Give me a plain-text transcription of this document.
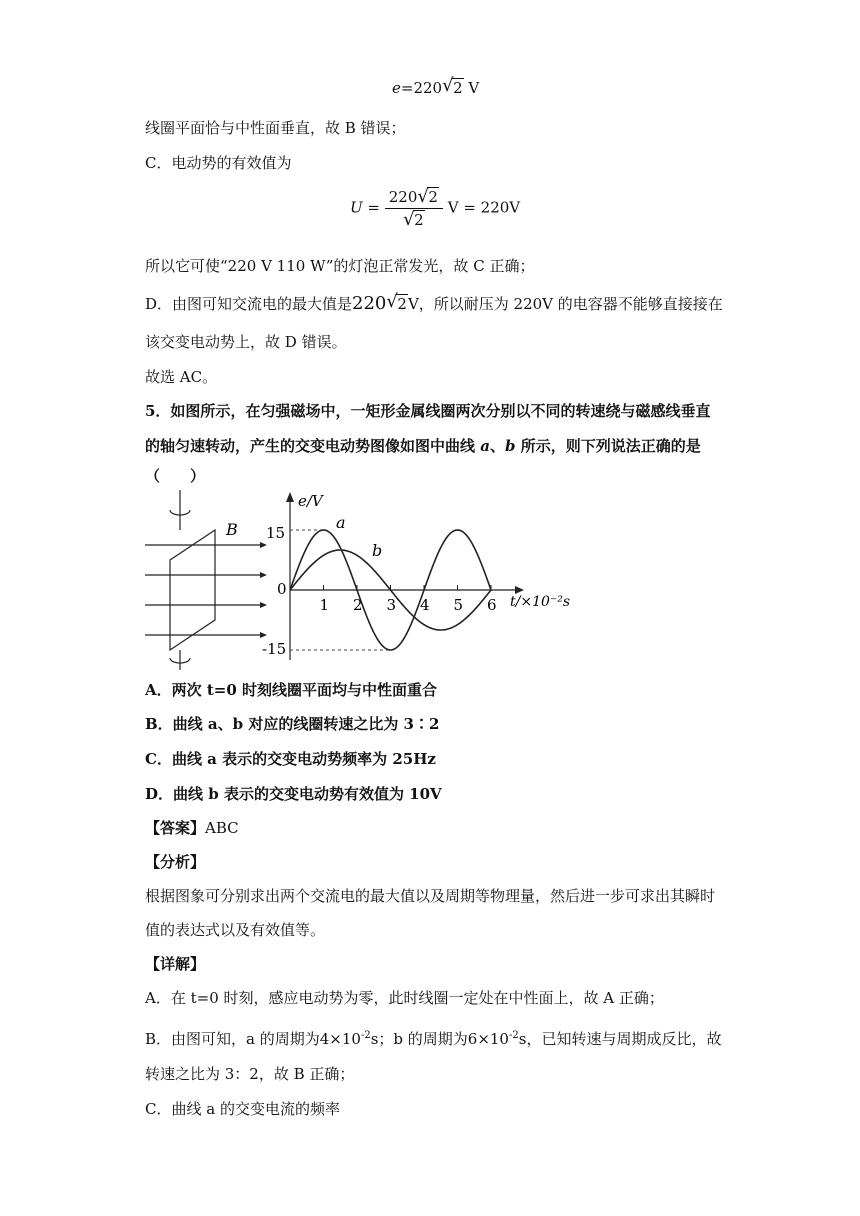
e=220 √ 2 V
线圈平面恰与中性面垂直，故 B 错误；
C．电动势的有效值为
$U = \frac{220 √ 2}{√ 2}$ V = 220V
所以它可使“220 V 110 W”的灯泡正常发光，故 C 正确；
D．由图可知交流电的最大值是220 √ 2V，所以耐压为 220V 的电容器不能够直接接在
该交变电动势上，故 D 错误。
故选 AC。
5．如图所示，在匀强磁场中，一矩形金属线圈两次分别以不同的转速绕与磁感线垂直
的轴匀速转动，产生的交变电动势图像如图中曲线 a、b 所示，则下列说法正确的是
（　　）
B
e/V
t/×10⁻²s
0
15
-15
1 2 3 4 5 6
a
b
A．两次 t=0 时刻线圈平面均与中性面重合
B．曲线 a、b 对应的线圈转速之比为 3∶2
C．曲线 a 表示的交变电动势频率为 25Hz
D．曲线 b 表示的交变电动势有效值为 10V
【答案】ABC
【分析】
根据图象可分别求出两个交流电的最大值以及周期等物理量，然后进一步可求出其瞬时
值的表达式以及有效值等。
【详解】
A．在 t=0 时刻，感应电动势为零，此时线圈一定处在中性面上，故 A 正确；
B．由图可知，a 的周期为$4\times 10^{-2}s$；b 的周期为$6\times 10^{-2}s$，已知转速与周期成反比，故
转速之比为 3：2，故 B 正确；
C．曲线 a 的交变电流的频率
